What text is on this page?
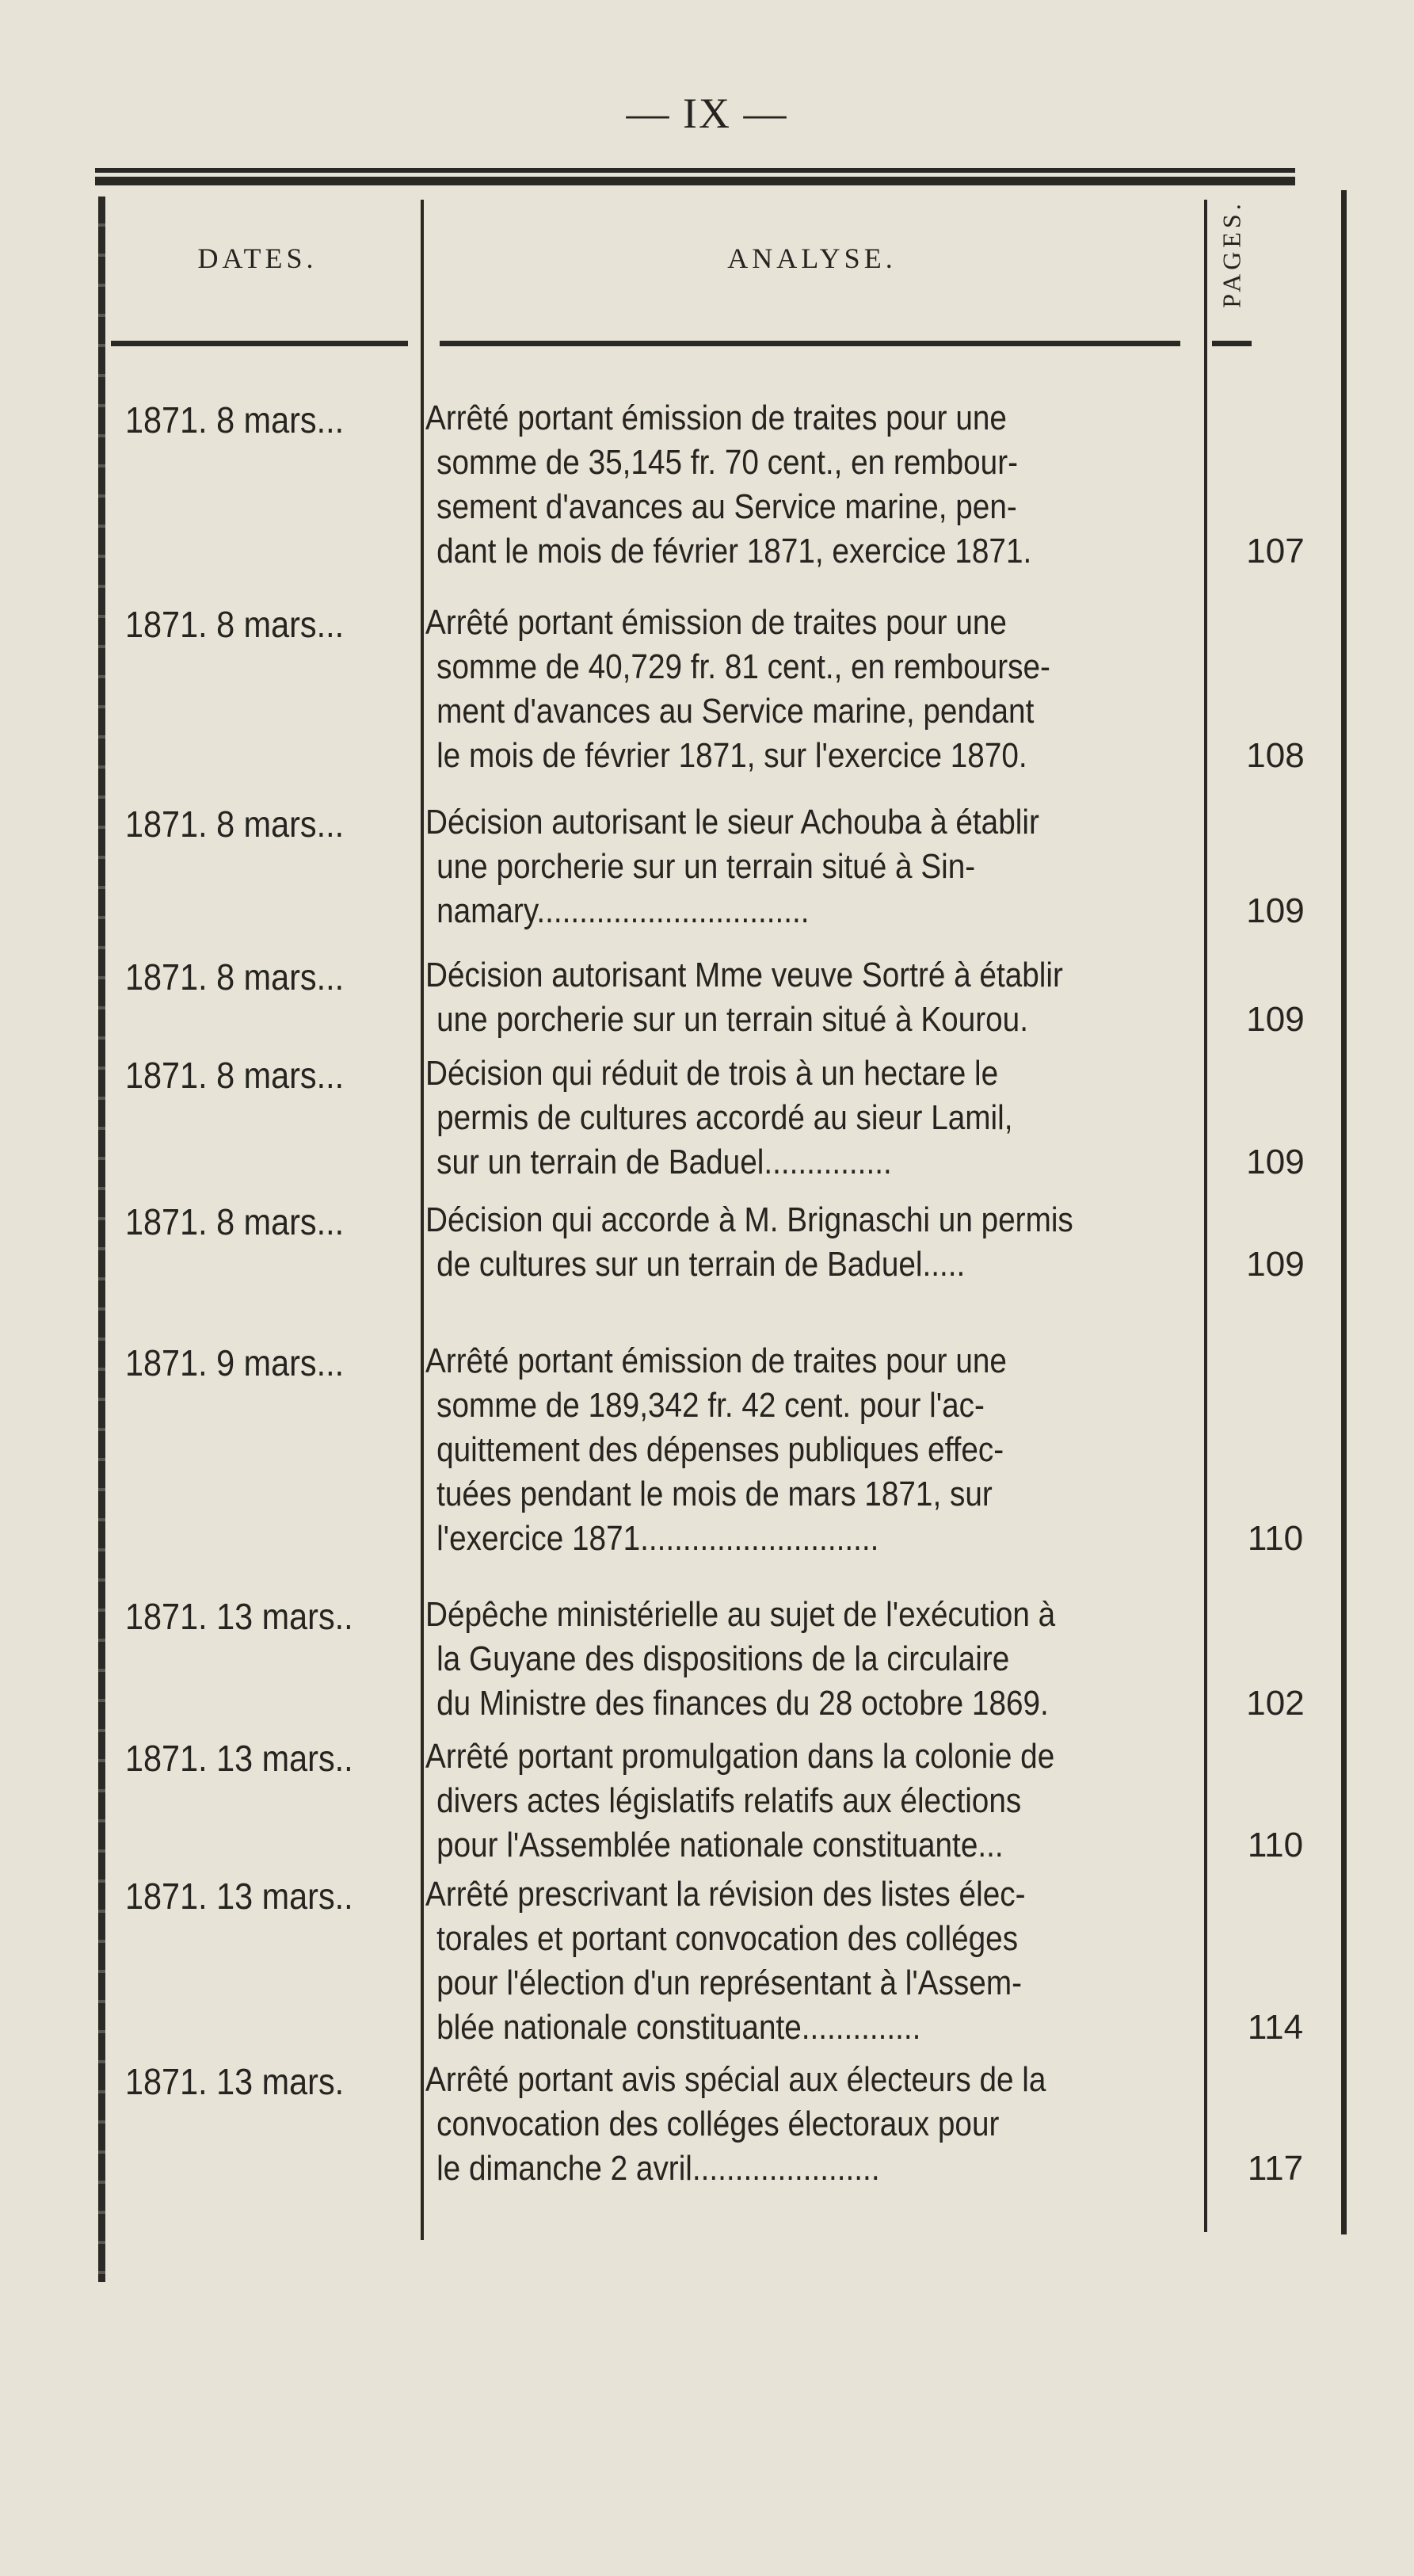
— IX —
DATES.	ANALYSE.	PAGES.
1871. 8 mars...	Arrêté portant émission de traites pour une
somme de 35,145 fr. 70 cent., en rembour-
sement d'avances au Service marine, pen-
dant le mois de février 1871, exercice 1871.	107
1871. 8 mars...	Arrêté portant émission de traites pour une
somme de 40,729 fr. 81 cent., en rembourse-
ment d'avances au Service marine, pendant
le mois de février 1871, sur l'exercice 1870.	108
1871. 8 mars...	Décision autorisant le sieur Achouba à établir
une porcherie sur un terrain situé à Sin-
namary................................	109
1871. 8 mars...	Décision autorisant Mme veuve Sortré à établir
une porcherie sur un terrain situé à Kourou.	109
1871. 8 mars...	Décision qui réduit de trois à un hectare le
permis de cultures accordé au sieur Lamil,
sur un terrain de Baduel...............	109
1871. 8 mars...	Décision qui accorde à M. Brignaschi un permis
de cultures sur un terrain de Baduel.....	109
1871. 9 mars...	Arrêté portant émission de traites pour une
somme de 189,342 fr. 42 cent. pour l'ac-
quittement des dépenses publiques effec-
tuées pendant le mois de mars 1871, sur
l'exercice 1871............................	110
1871. 13 mars..	Dépêche ministérielle au sujet de l'exécution à
la Guyane des dispositions de la circulaire
du Ministre des finances du 28 octobre 1869.	102
1871. 13 mars..	Arrêté portant promulgation dans la colonie de
divers actes législatifs relatifs aux élections
pour l'Assemblée nationale constituante...	110
1871. 13 mars..	Arrêté prescrivant la révision des listes élec-
torales et portant convocation des colléges
pour l'élection d'un représentant à l'Assem-
blée nationale constituante..............	114
1871. 13 mars.	Arrêté portant avis spécial aux électeurs de la
convocation des colléges électoraux pour
le dimanche 2 avril......................	117
